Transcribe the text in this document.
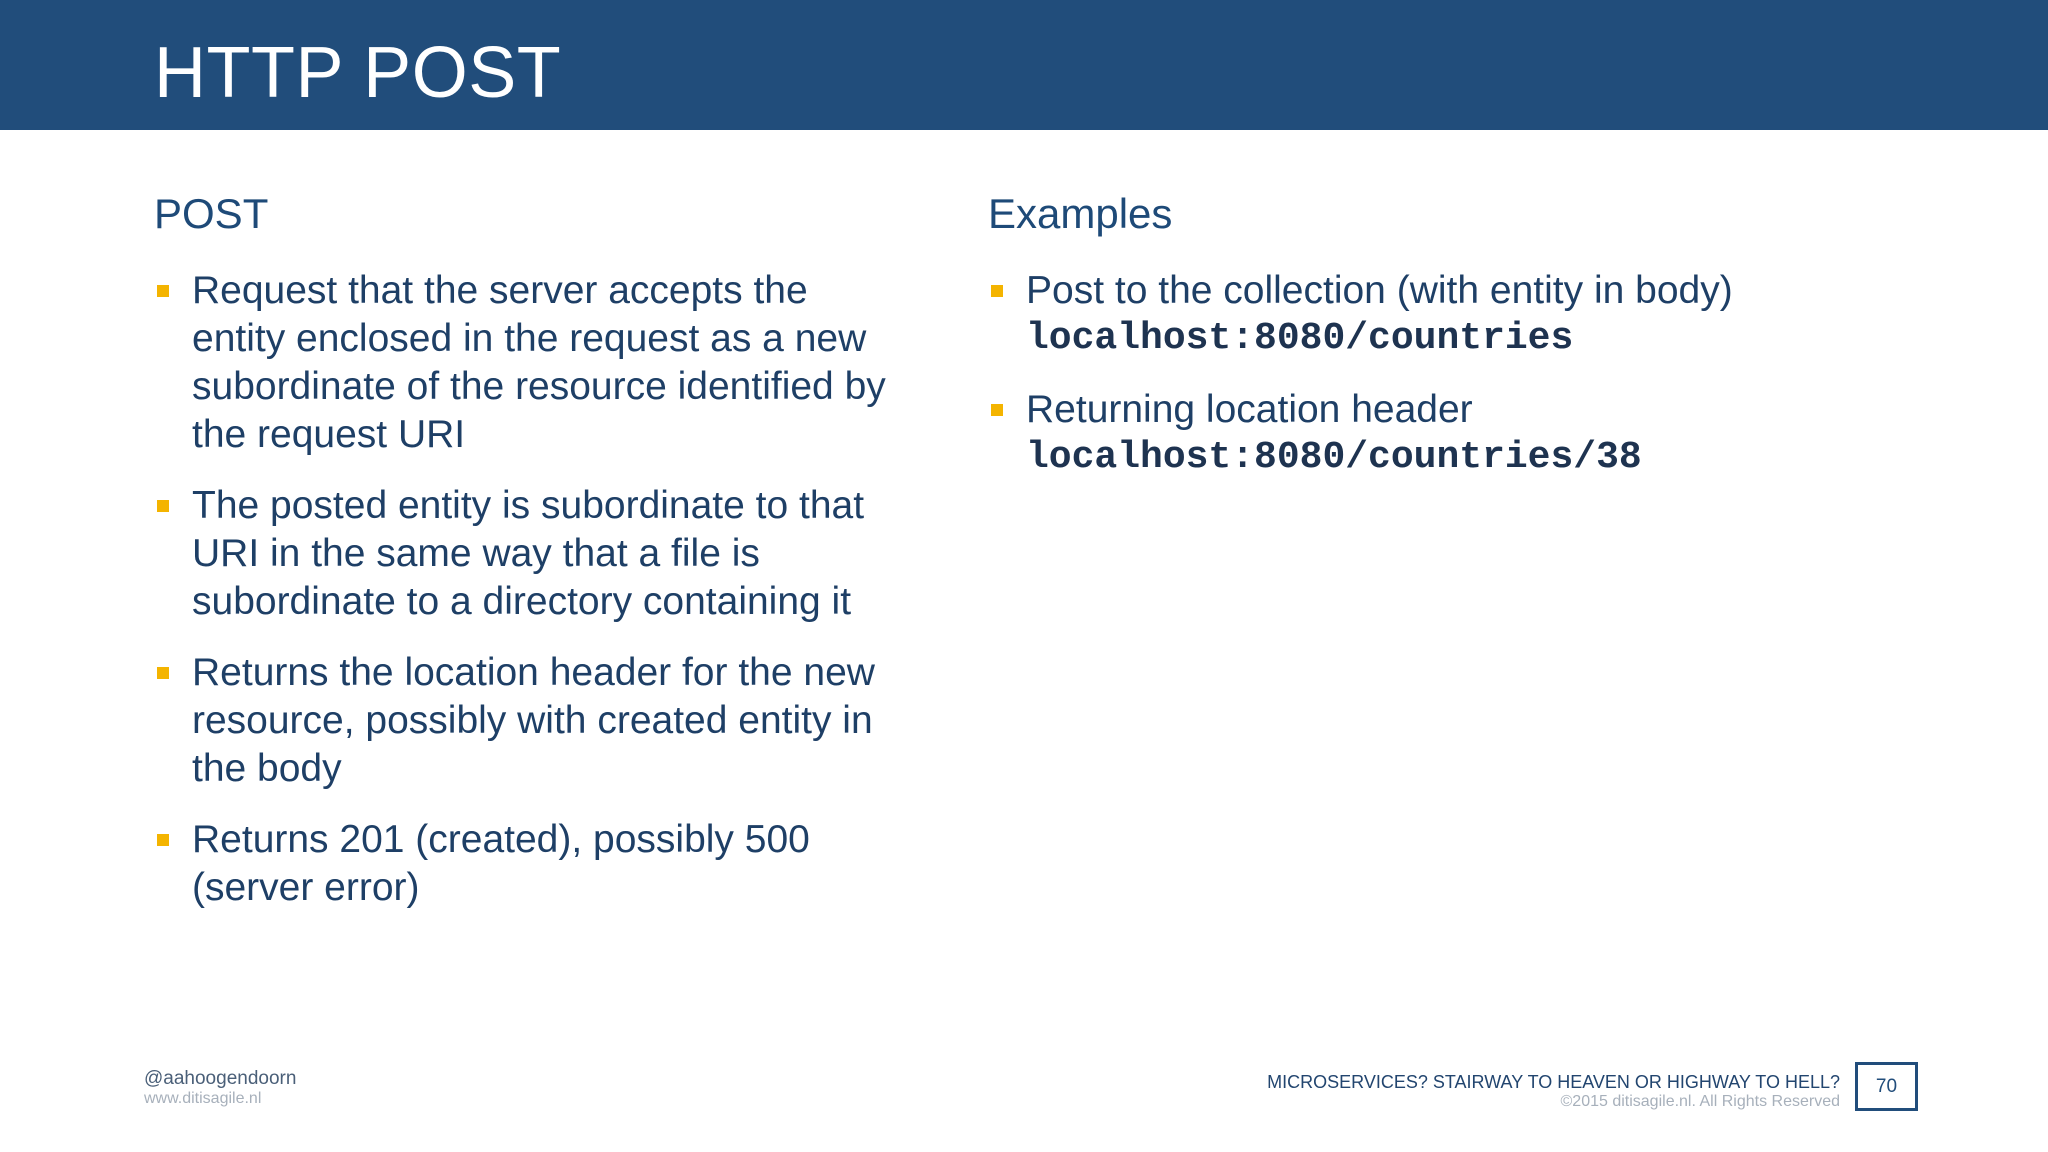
HTTP POST
POST
Request that the server accepts the
entity enclosed in the request as a new
subordinate of the resource identified by
the request URI
The posted entity is subordinate to that
URI in the same way that a file is
subordinate to a directory containing it
Returns the location header for the new
resource, possibly with created entity in
the body
Returns 201 (created), possibly 500
(server error)
Examples
Post to the collection (with entity in body)
localhost:8080/countries
Returning location header
localhost:8080/countries/38
@aahoogendoorn
www.ditisagile.nl
MICROSERVICES? STAIRWAY TO HEAVEN OR HIGHWAY TO HELL?
©2015 ditisagile.nl. All Rights Reserved
70
